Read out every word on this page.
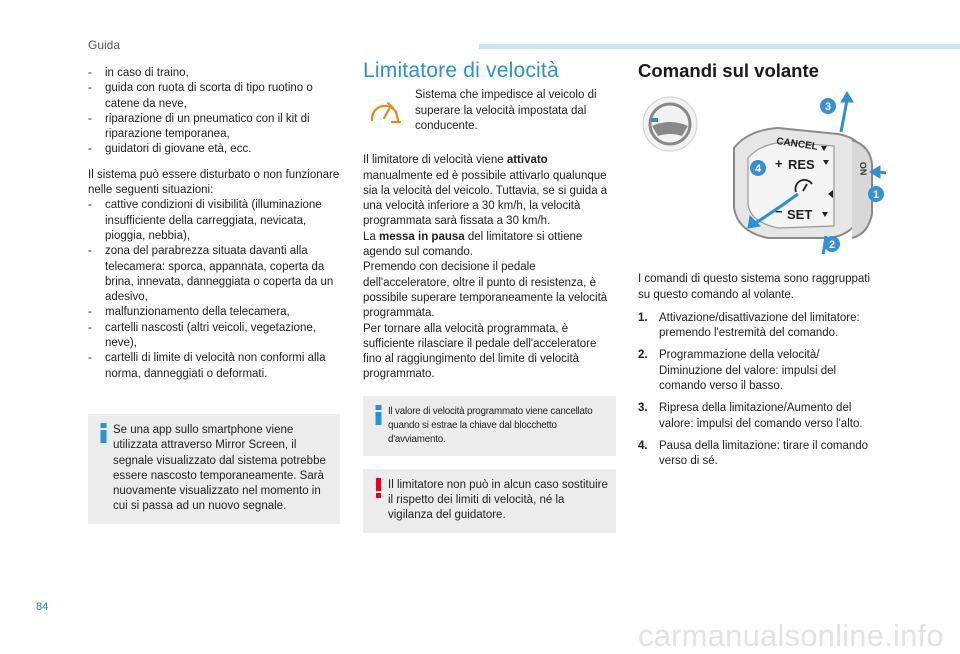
Guida
- in caso di traino,
- guida con ruota di scorta di tipo ruotino o catene da neve,
- riparazione di un pneumatico con il kit di riparazione temporanea,
- guidatori di giovane età, ecc.

Il sistema può essere disturbato o non funzionare nelle seguenti situazioni:

- cattive condizioni di visibilità (illuminazione insufficiente della carreggiata, nevicata, pioggia, nebbia),
- zona del parabrezza situata davanti alla telecamera: sporca, appannata, coperta da brina, innevata, danneggiata o coperta da un adesivo,
- malfunzionamento della telecamera,
- cartelli nascosti (altri veicoli, vegetazione, neve),
- cartelli di limite di velocità non conformi alla norma, danneggiati o deformati.

Se una app sullo smartphone viene utilizzata attraverso Mirror Screen, il segnale visualizzato dal sistema potrebbe essere nascosto temporaneamente. Sarà nuovamente visualizzato nel momento in cui si passa ad un nuovo segnale.

Limitatore di velocità

Sistema che impedisce al veicolo di superare la velocità impostata dal conducente.

Il limitatore di velocità viene attivato manualmente ed è possibile attivarlo qualunque sia la velocità del veicolo. Tuttavia, se si guida a una velocità inferiore a 30 km/h, la velocità programmata sarà fissata a 30 km/h.

La messa in pausa del limitatore si ottiene agendo sul comando.

Premendo con decisione il pedale dell'acceleratore, oltre il punto di resistenza, è possibile superare temporaneamente la velocità programmata.

Per tornare alla velocità programmata, è sufficiente rilasciare il pedale dell'acceleratore fino al raggiungimento del limite di velocità programmato.

Il valore di velocità programmato viene cancellato quando si estrae la chiave dal blocchetto d'avviamento.

Il limitatore non può in alcun caso sostituire il rispetto dei limiti di velocità, né la vigilanza del guidatore.

Comandi sul volante
ON
CANCEL
+ RES
− SET
1
2
3
4

I comandi di questo sistema sono raggruppati su questo comando al volante.

1. Attivazione/disattivazione del limitatore: premendo l'estremità del comando.
2. Programmazione della velocità/ Diminuzione del valore: impulsi del comando verso il basso.
3. Ripresa della limitazione/Aumento del valore: impulsi del comando verso l'alto.
4. Pausa della limitazione: tirare il comando verso di sé.
84
carmanualsonline.info
